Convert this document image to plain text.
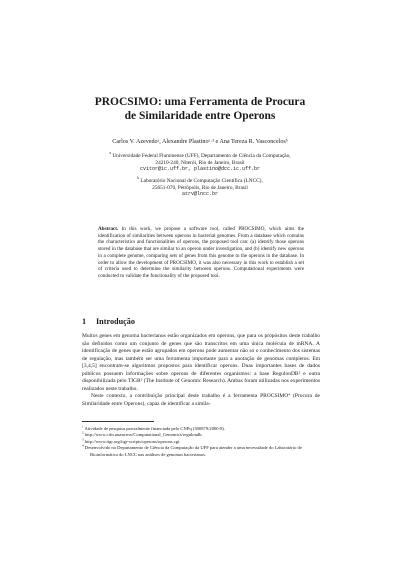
PROCSIMO: uma Ferramenta de Procura
de Similaridade entre Operons
Carlos V. Azevedoᵃ, Alexandre Plastinoᵃ·¹ e Ana Tereza R. Vasconcelosᵇ
$^a$ Universidade Federal Fluminense (UFF), Departamento de Ciência da Computação,
24210-240, Niterói, Rio de Janeiro, Brasil
cvitor@ic.uff.br, plastino@dcc.ic.uff.br
$^b$ Laboratório Nacional de Computação Científica (LNCC),
25651-070, Petrópolis, Rio de Janeiro, Brasil
atrv@lncc.br
Abstract. In this work, we propose a software tool, called PROCSIMO, which aims the identification of similarities between operons in bacterial genomes. From a database which contains the characteristics and functionalities of operons, the proposed tool can: (a) identify those operons stored in the database that are similar to an operon under investigation, and (b) identify new operons in a complete genome, comparing sets of genes from this genome to the operons in the database. In order to allow the development of PROCSIMO, it was also necessary in this work to establish a set of criteria used to determine the similarity between operons. Computational experiments were conducted to validate the functionality of the proposed tool.
1 Introdução

Muitos genes em genoma bacterianos estão organizados em operons, que para os propósitos deste trabalho são definidos como um conjunto de genes que são transcritos em uma única molécula de mRNA. A identificação de genes que estão agrupados em operons pode aumentar não só o conhecimento dos sistemas de regulação, mas também ser uma ferramenta importante para a anotação de genomas completos. Em [3,4,5] encontram-se algoritmos propostos para identificar operons. Duas importantes bases de dados públicos possuem informações sobre operons de diferentes organismos: a base RegulonDB² e outra disponibilizada pelo TIGR³ (The Institute of Genomic Research). Ambas foram utilizadas nos experimentos realizados neste trabalho.

Neste contexto, a contribuição principal deste trabalho é a ferramenta PROCSIMO⁴ (Procura de Similaridade entre Operons), capaz de identificar a simila-

$^1$ Atividade de pesquisa parcialmente financiada pelo CNPq (300879/2000-8).

$^2$ http://www.cifn.unam.mx/Computational_Genomics/regulondb.

$^3$ http://www.tigr.org/tigr-scripts/operons/operons.cgi.

$^4$ Desenvolvido no Departamento de Ciência da Computação da UFF para atender a uma necessidade do Laboratório de Bioinformática do LNCC nas análises de genomas bacterianos.
